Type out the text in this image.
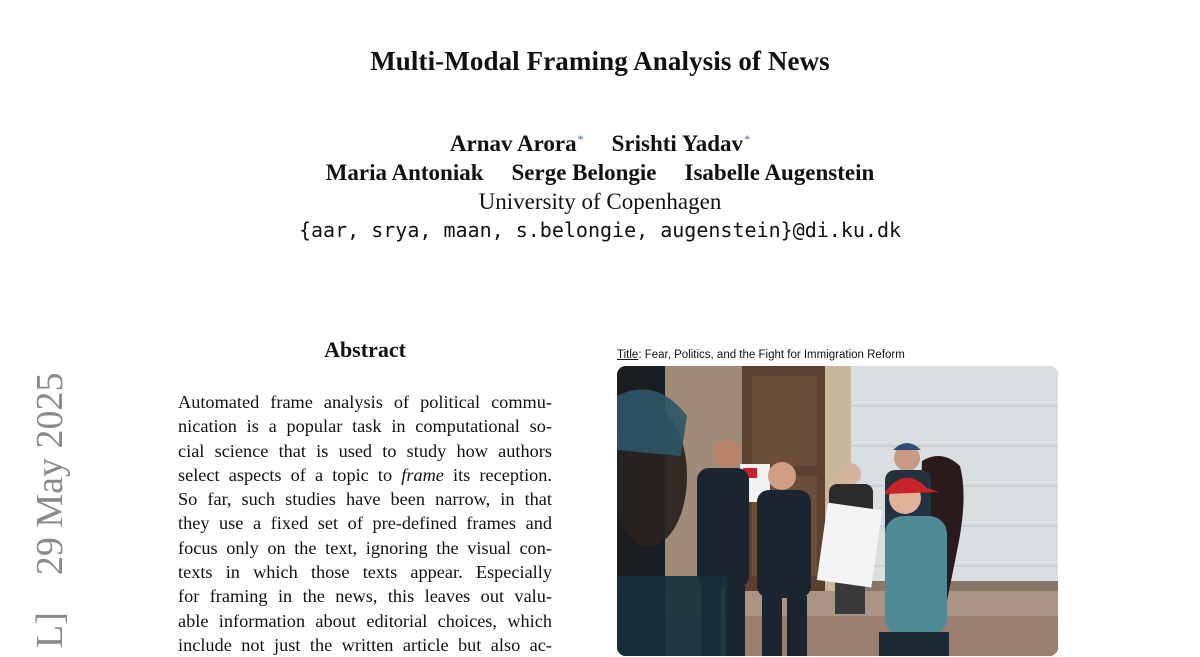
Multi-Modal Framing Analysis of News
Arnav Arora* Srishti Yadav*
Maria Antoniak Serge Belongie Isabelle Augenstein
University of Copenhagen
{aar, srya, maan, s.belongie, augenstein}@di.ku.dk
L]  29 May 2025
Abstract
Automated frame analysis of political commu-
nication is a popular task in computational so-
cial science that is used to study how authors
select aspects of a topic to frame its reception.
So far, such studies have been narrow, in that
they use a fixed set of pre-defined frames and
focus only on the text, ignoring the visual con-
texts in which those texts appear. Especially
for framing in the news, this leaves out valu-
able information about editorial choices, which
include not just the written article but also ac-
Title: Fear, Politics, and the Fight for Immigration Reform
